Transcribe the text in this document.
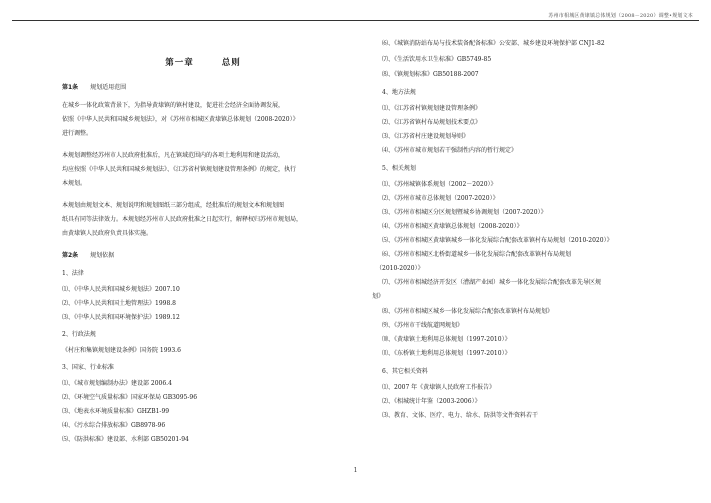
苏州市相城区黄埭镇总体规划（2008－2020）调整•规划文本
第一章	总则
第1条 规划适用范围
在城乡一体化政策背景下，为指导黄埭镇的镇村建设，促进社会经济全面协调发展，
依照《中华人民共和国城乡规划法》，对《苏州市相城区黄埭镇总体规划（2008-2020）》
进行调整。
本规划调整经苏州市人民政府批准后，凡在镇域范围内的各项土地利用和建设活动，
均应按照《中华人民共和国城乡规划法》、《江苏省村镇规划建设管理条例》的规定，执行
本规划。
本规划由规划文本、规划说明和规划图纸三部分组成，经批准后的规划文本和规划图
纸具有同等法律效力。本规划经苏州市人民政府批准之日起实行，解释权归苏州市规划局，
由黄埭镇人民政府负责具体实施。
第2条 规划依据
1、法律
⑴、《中华人民共和国城乡规划法》2007.10
⑵、《中华人民共和国土地管理法》1998.8
⑶、《中华人民共和国环境保护法》1989.12
2、行政法规
《村庄和集镇规划建设条例》国务院 1993.6
3、国家、行业标准
⑴、《城市规划编制办法》建设部 2006.4
⑵、《环境空气质量标准》国家环保局 GB3095-96
⑶、《地表水环境质量标准》GHZB1-99
⑷、《污水综合排放标准》GB8978-96
⑸、《防洪标准》建设部、水利部 GB50201-94
⑹、《城镇消防站布局与技术装备配备标准》公安部、城乡建设环境保护部 CNJ1-82
⑺、《生活饮用水卫生标准》GB5749-85
⑻、《镇规划标准》GB50188-2007
4、地方法规
⑴、《江苏省村镇规划建设管理条例》
⑵、《江苏省镇村布局规划技术要点》
⑶、《江苏省村庄建设规划导则》
⑷、《苏州市城市规划若干强制性内容的暂行规定》
5、相关规划
⑴、《苏州城镇体系规划（2002－2020）》
⑵、《苏州市城市总体规划（2007-2020）》
⑶、《苏州市相城区分区规划暨城乡协调规划（2007-2020）》
⑷、《苏州市相城区黄埭镇总体规划（2008-2020）》
⑸、《苏州市相城区黄埭镇城乡一体化发展综合配套改革镇村布局规划（2010-2020）》
⑹、《苏州市相城区北桥街道城乡一体化发展综合配套改革镇村布局规划
（2010-2020）》
⑺、《苏州市相城经济开发区（漕湖产业园）城乡一体化发展综合配套改革先导区规
划》
⑻、《苏州市相城区城乡一体化发展综合配套改革镇村布局规划》
⑼、《苏州市干线航道网规划》
⑽、《黄埭镇土地利用总体规划（1997-2010）》
⑾、《东桥镇土地利用总体规划（1997-2010）》
6、其它相关资料
⑴、2007 年《黄埭镇人民政府工作报告》
⑵、《相城统计年鉴（2003-2006）》
⑶、教育、文体、医疗、电力、给水、防洪等文件资料若干
1
